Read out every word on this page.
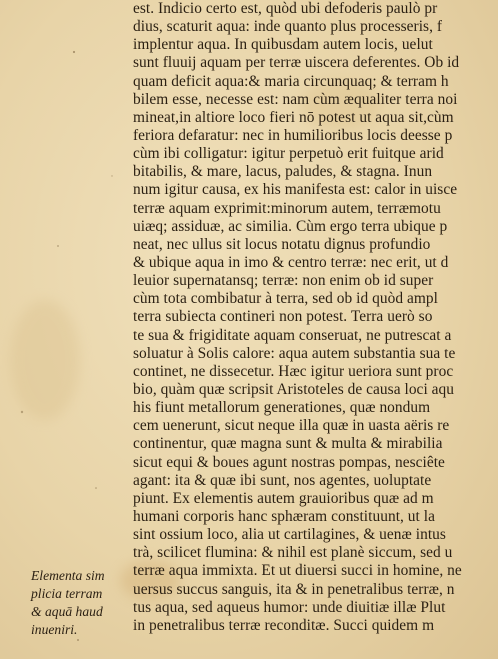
est. Indicio certo est, quòd ubi defoderis paulò pr
dius, scaturit aqua: inde quanto plus processeris, f
implentur aqua. In quibusdam autem locis, uelut
sunt fluuij aquam per terræ uiscera deferentes. Ob id
quam deficit aqua:& maria circunquaq; & terram h
bilem esse, necesse est: nam cùm æqualiter terra noi
mineat,in altiore loco fieri nō potest ut aqua sit,cùm
feriora defaratur: nec in humilioribus locis deesse p
cùm ibi colligatur: igitur perpetuò erit fuitque arid
bitabilis, & mare, lacus, paludes, & stagna. Inun
num igitur causa, ex his manifesta est: calor in uisce
terræ aquam exprimit:minorum autem, terræmotu
uiæq; assiduæ, ac similia. Cùm ergo terra ubique p
neat, nec ullus sit locus notatu dignus profundio
& ubique aqua in imo & centro terræ: nec erit, ut d
leuior supernatansq; terræ: non enim ob id super
cùm tota combibatur à terra, sed ob id quòd ampl
terra subiecta contineri non potest. Terra uerò so
te sua & frigiditate aquam conseruat, ne putrescat a
soluatur à Solis calore: aqua autem substantia sua te
continet, ne dissecetur. Hæc igitur ueriora sunt proc
bio, quàm quæ scripsit Aristoteles de causa loci aqu
his fiunt metallorum generationes, quæ nondum
cem uenerunt, sicut neque illa quæ in uasta aëris re
continentur, quæ magna sunt & multa & mirabilia
sicut equi & boues agunt nostras pompas, nesciête
agant: ita & quæ ibi sunt, nos agentes, uoluptate
piunt. Ex elementis autem grauioribus quæ ad m
humani corporis hanc sphæram constituunt, ut la
sint ossium loco, alia ut cartilagines, & uenæ intus
trà, scilicet flumina: & nihil est planè siccum, sed u
terræ aqua immixta. Et ut diuersi succi in homine, ne
uersus succus sanguis, ita & in penetralibus terræ, n
tus aqua, sed aqueus humor: unde diuitiæ illæ Plut
in penetralibus terræ reconditæ. Succi quidem m
Elementa sim
plicia terram
& aquā haud
inueniri.
